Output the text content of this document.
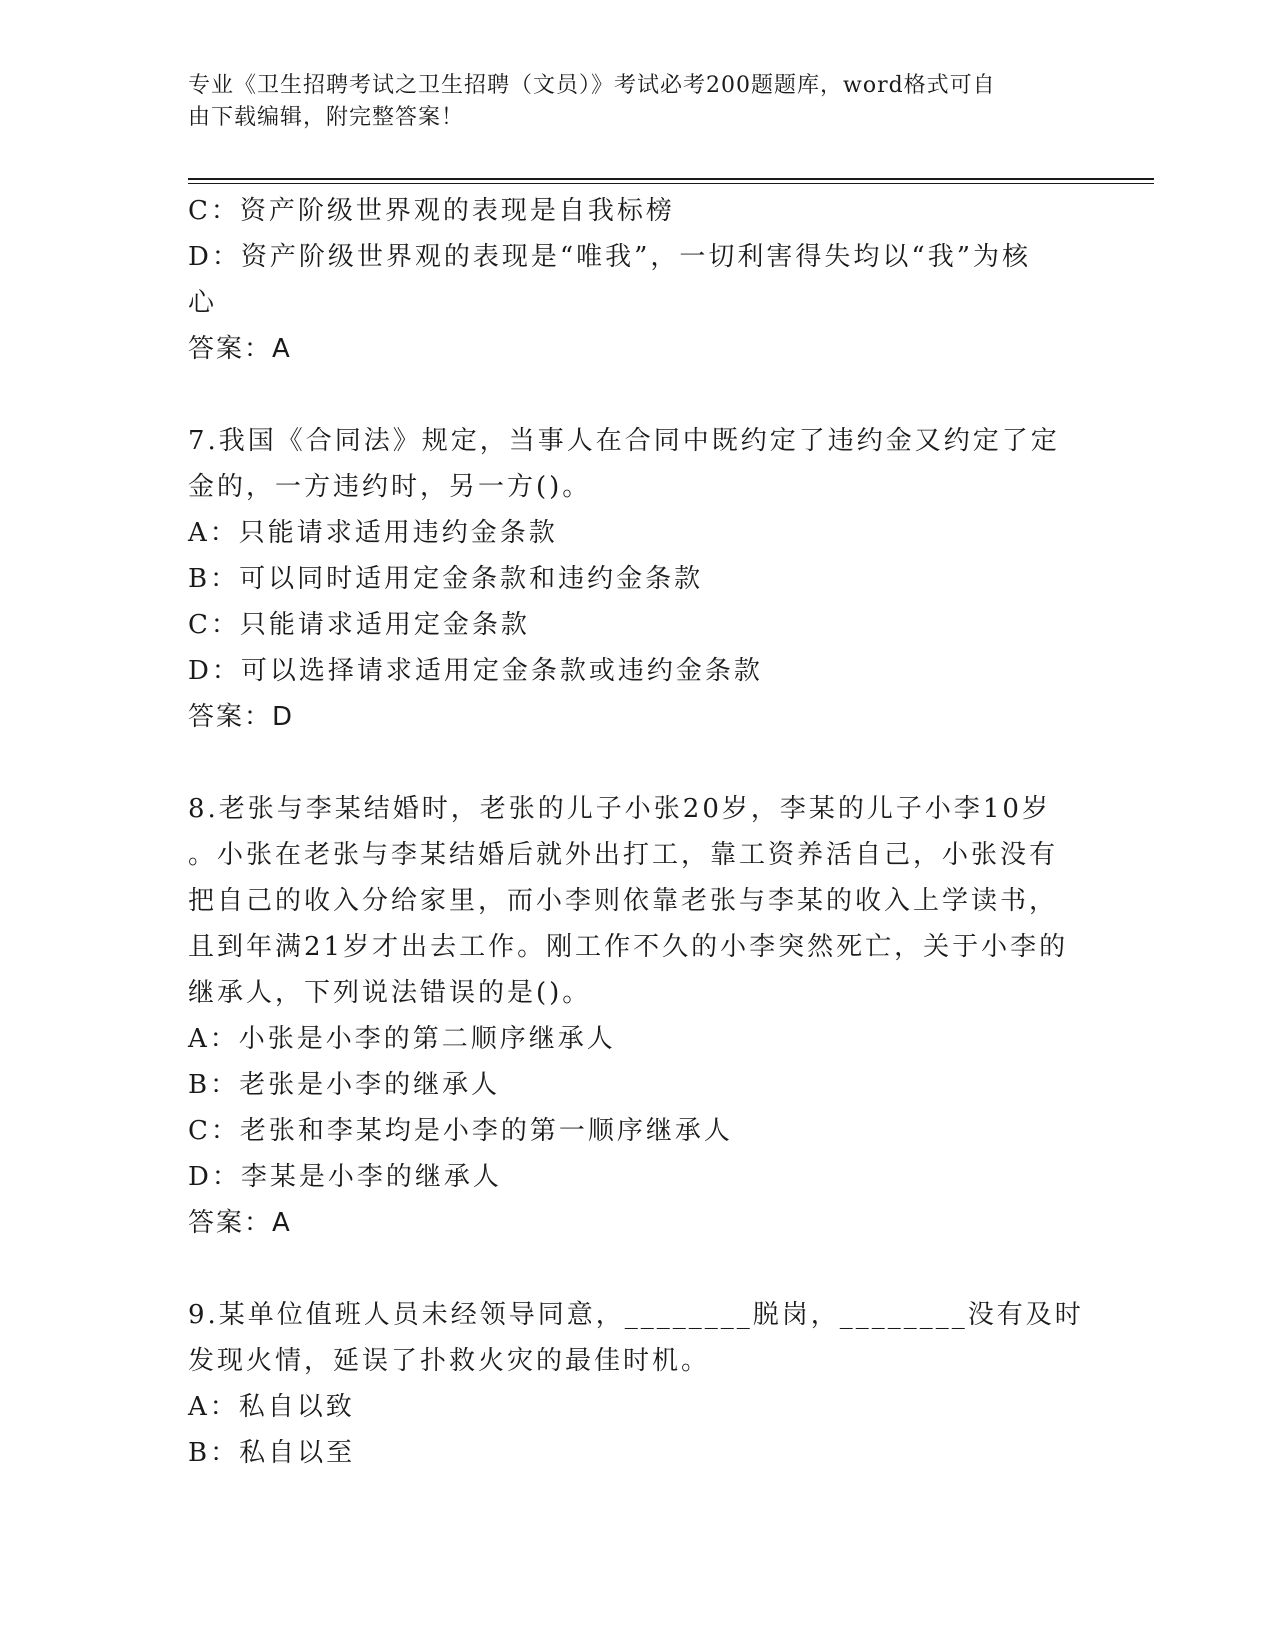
专业《卫生招聘考试之卫生招聘（文员）》考试必考200题题库，word格式可自
由下载编辑，附完整答案！
C：资产阶级世界观的表现是自我标榜
D：资产阶级世界观的表现是“唯我”，一切利害得失均以“我”为核
心
答案：A
7.我国《合同法》规定，当事人在合同中既约定了违约金又约定了定
金的，一方违约时，另一方()。
A：只能请求适用违约金条款
B：可以同时适用定金条款和违约金条款
C：只能请求适用定金条款
D：可以选择请求适用定金条款或违约金条款
答案：D
8.老张与李某结婚时，老张的儿子小张20岁，李某的儿子小李10岁
。小张在老张与李某结婚后就外出打工，靠工资养活自己，小张没有
把自己的收入分给家里，而小李则依靠老张与李某的收入上学读书，
且到年满21岁才出去工作。刚工作不久的小李突然死亡，关于小李的
继承人，下列说法错误的是()。
A：小张是小李的第二顺序继承人
B：老张是小李的继承人
C：老张和李某均是小李的第一顺序继承人
D：李某是小李的继承人
答案：A
9.某单位值班人员未经领导同意，________脱岗，________没有及时
发现火情，延误了扑救火灾的最佳时机。
A：私自以致
B：私自以至
